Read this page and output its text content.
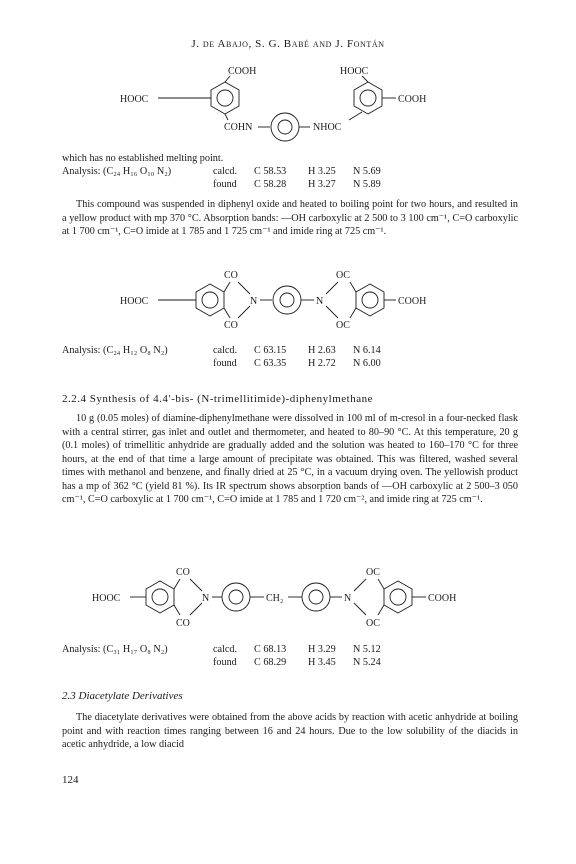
J. de Abajo, S. G. Babé and J. Fontán
COOH
HOOC
COHN	NHOC
HOOC
COOH
which has no established melting point.
Analysis: (C₂₄ H₁₆ O₁₀ N₂)	calcd. C 58.53 H 3.25 N 5.69
found C 58.28 H 3.27 N 5.89
This compound was suspended in diphenyl oxide and heated to boiling point for two hours, and resulted in a yellow product with mp 370 °C. Absorption bands: —OH carboxylic at 2 500 to 3 100 cm⁻¹, C=O carboxylic at 1 700 cm⁻¹, C=O imide at 1 785 and 1 725 cm⁻¹ and imide ring at 725 cm⁻¹.
HOOC
CO
CO
N	N
OC
OC
COOH
Analysis: (C₂₄ H₁₂ O₈ N₂)	calcd. C 63.15 H 2.63 N 6.14
found C 63.35 H 2.72 N 6.00
2.2.4 Synthesis of 4.4′-bis- (N-trimellitimide)-diphenylmethane
10 g (0.05 moles) of diamine-diphenylmethane were dissolved in 100 ml of m-cresol in a four-necked flask with a central stirrer, gas inlet and outlet and thermometer, and heated to 80–90 °C. At this temperature, 20 g (0.1 moles) of trimellitic anhydride are gradually added and the solution was heated to 160–170 °C for three hours, at the end of that time a large amount of precipitate was obtained. This was filtered, washed several times with methanol and benzene, and finally dried at 25 °C, in a vacuum drying oven. The yellowish product has a mp of 362 °C (yield 81 %). Its IR spectrum shows absorption bands of —OH carboxylic at 2 500–3 050 cm⁻¹, C=O carboxylic at 1 700 cm⁻¹, C=O imide at 1 785 and 1 720 cm⁻², and imide ring at 725 cm⁻¹.
HOOC
CO
CO
N	CH₂	N
OC
OC
COOH
Analysis: (C₃₁ H₁₇ O₈ N₂)	calcd. C 68.13 H 3.29 N 5.12
found C 68.29 H 3.45 N 5.24
2.3 Diacetylate Derivatives
The diacetylate derivatives were obtained from the above acids by reaction with acetic anhydride at boiling point and with reaction times ranging between 16 and 24 hours. Due to the low solubility of the diacids in acetic anhydride, a low diacid
124
